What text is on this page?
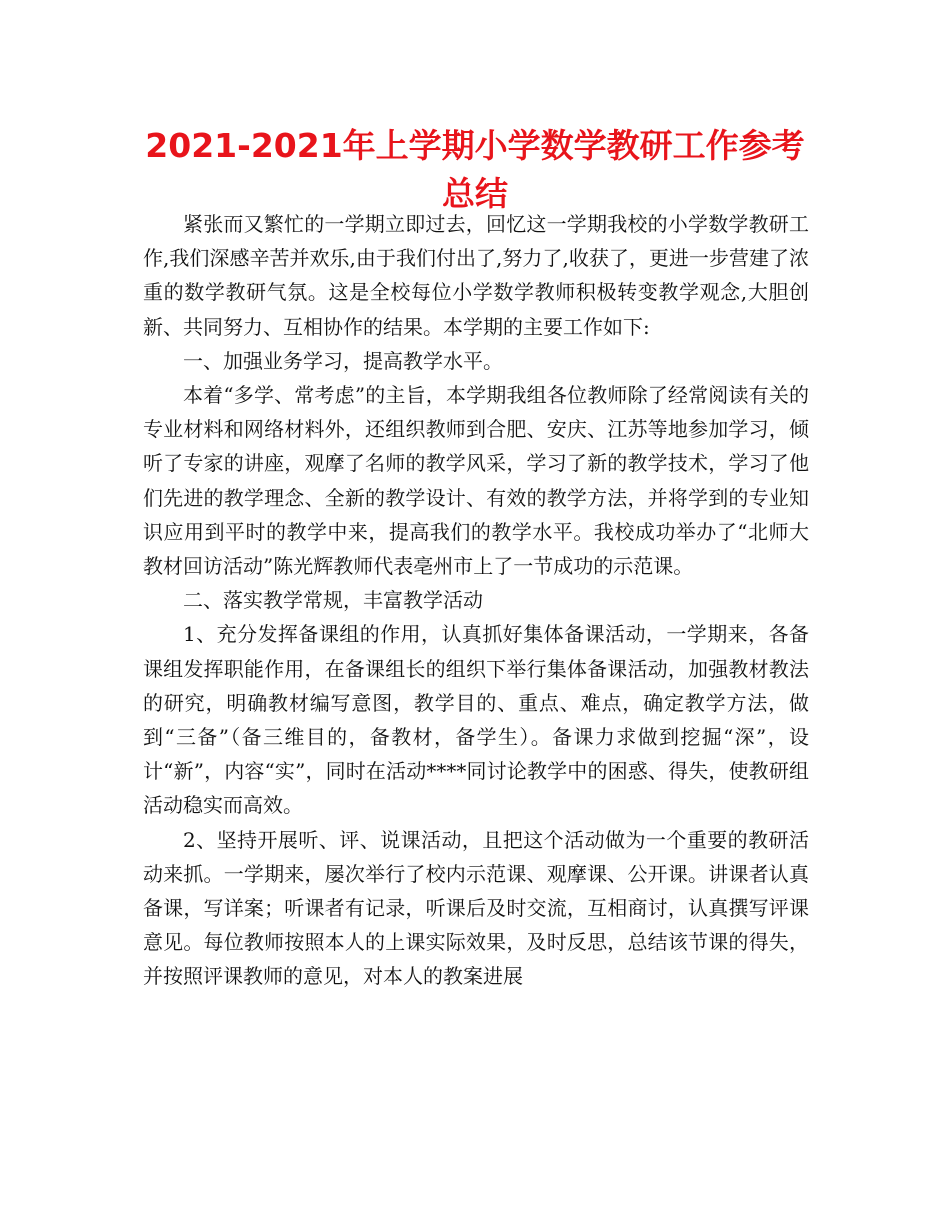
2021-2021年上学期小学数学教研工作参考总结

紧张而又繁忙的一学期立即过去，回忆这一学期我校的小学数学教研工作,我们深感辛苦并欢乐,由于我们付出了,努力了,收获了，更进一步营建了浓重的数学教研气氛。这是全校每位小学数学教师积极转变教学观念,大胆创新、共同努力、互相协作的结果。本学期的主要工作如下:

一、加强业务学习，提高教学水平。

本着“多学、常考虑”的主旨，本学期我组各位教师除了经常阅读有关的专业材料和网络材料外，还组织教师到合肥、安庆、江苏等地参加学习，倾听了专家的讲座，观摩了名师的教学风采，学习了新的教学技术，学习了他们先进的教学理念、全新的教学设计、有效的教学方法，并将学到的专业知识应用到平时的教学中来，提高我们的教学水平。我校成功举办了“北师大教材回访活动”陈光辉教师代表亳州市上了一节成功的示范课。

二、落实教学常规，丰富教学活动

1、充分发挥备课组的作用，认真抓好集体备课活动，一学期来，各备课组发挥职能作用，在备课组长的组织下举行集体备课活动，加强教材教法的研究，明确教材编写意图，教学目的、重点、难点，确定教学方法，做到“三备”（备三维目的，备教材，备学生）。备课力求做到挖掘“深”，设计“新”，内容“实”，同时在活动****同讨论教学中的困惑、得失，使教研组活动稳实而高效。

2、坚持开展听、评、说课活动，且把这个活动做为一个重要的教研活动来抓。一学期来，屡次举行了校内示范课、观摩课、公开课。讲课者认真备课，写详案；听课者有记录，听课后及时交流，互相商讨，认真撰写评课意见。每位教师按照本人的上课实际效果，及时反思，总结该节课的得失，并按照评课教师的意见，对本人的教案进展
